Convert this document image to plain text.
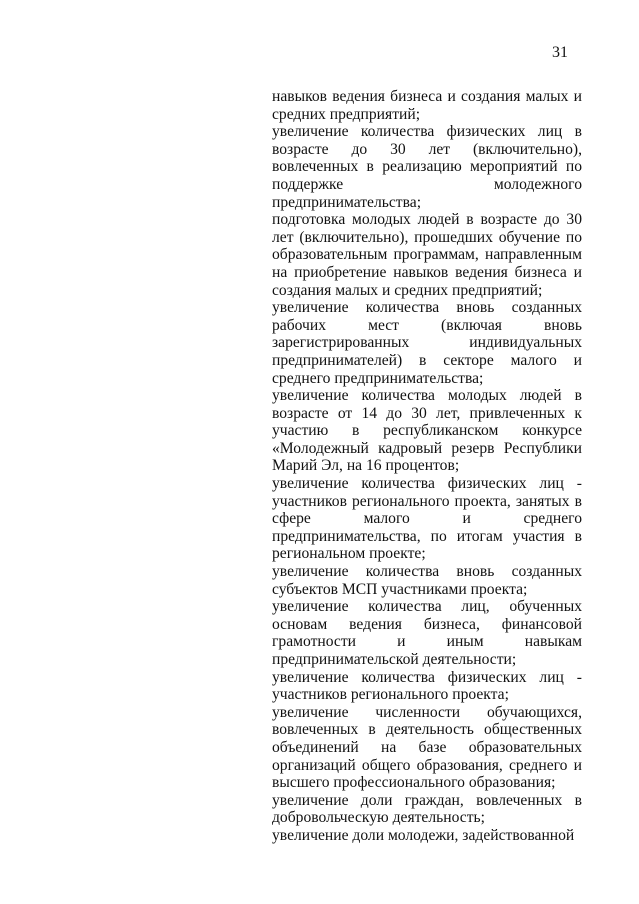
31

навыков ведения бизнеса и создания малых и средних предприятий;

увеличение количества физических лиц в возрасте до 30 лет (включительно), вовлеченных в реализацию мероприятий по поддержке молодежного предпринимательства;

подготовка молодых людей в возрасте до 30 лет (включительно), прошедших обучение по образовательным программам, направленным на приобретение навыков ведения бизнеса и создания малых и средних предприятий;

увеличение количества вновь созданных рабочих мест (включая вновь зарегистрированных индивидуальных предпринимателей) в секторе малого и среднего предпринимательства;

увеличение количества молодых людей в возрасте от 14 до 30 лет, привлеченных к участию в республиканском конкурсе «Молодежный кадровый резерв Республики Марий Эл, на 16 процентов;

увеличение количества физических лиц - участников регионального проекта, занятых в сфере малого и среднего предпринимательства, по итогам участия в региональном проекте;

увеличение количества вновь созданных субъектов МСП участниками проекта;

увеличение количества лиц, обученных основам ведения бизнеса, финансовой грамотности и иным навыкам предпринимательской деятельности;

увеличение количества физических лиц - участников регионального проекта;

увеличение численности обучающихся, вовлеченных в деятельность общественных объединений на базе образовательных организаций общего образования, среднего и высшего профессионального образования;

увеличение доли граждан, вовлеченных в добровольческую деятельность;

увеличение доли молодежи, задействованной
